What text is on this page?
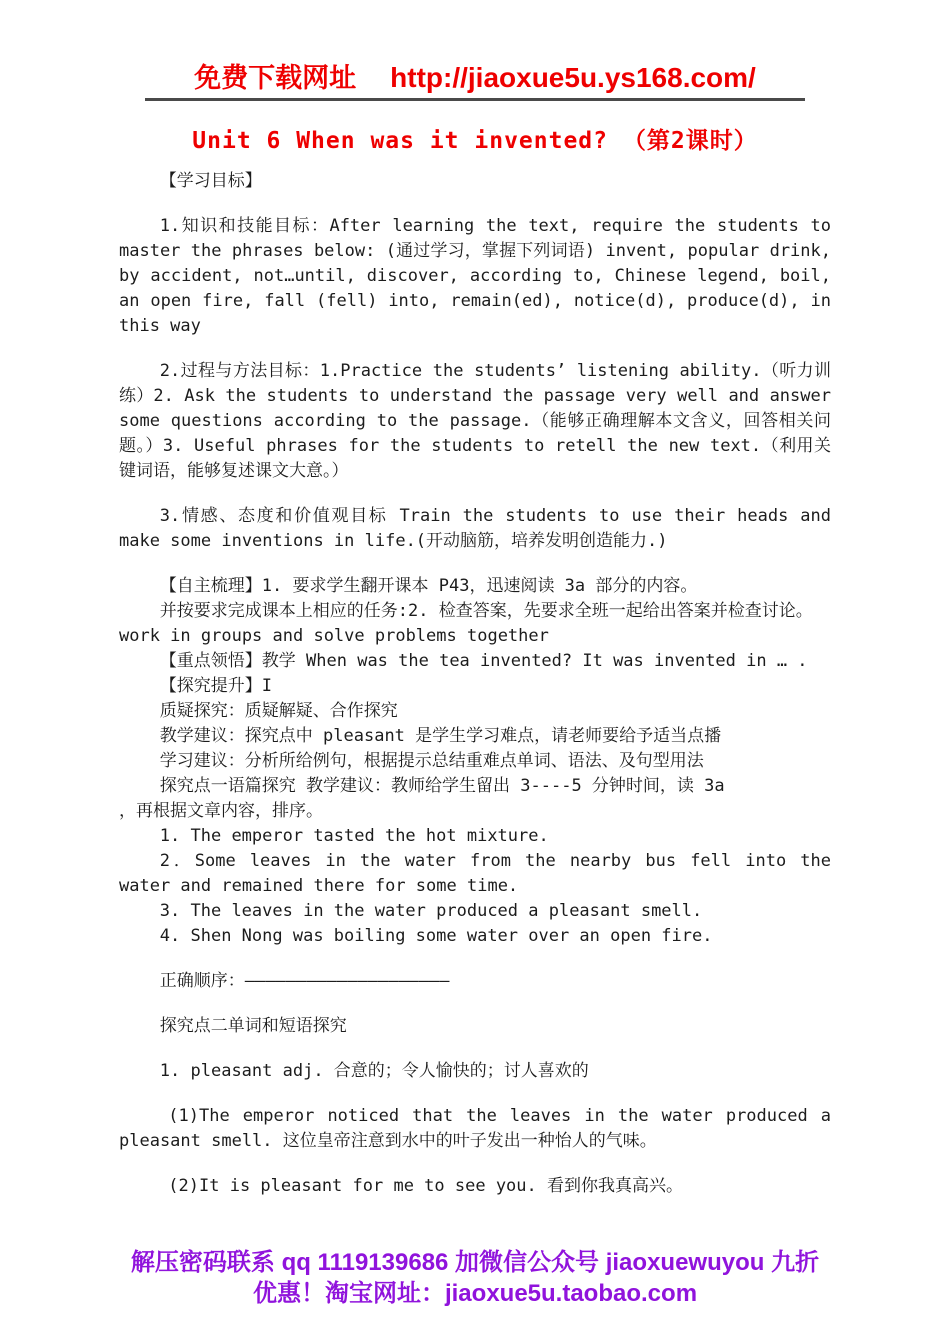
免费下载网址 http://jiaoxue5u.ys168.com/
Unit 6 When was it invented? （第2课时）
【学习目标】
1.知识和技能目标：After learning the text, require the students to master the phrases below: (通过学习，掌握下列词语) invent, popular drink, by accident, not…until, discover, according to, Chinese legend, boil, an open fire, fall (fell) into, remain(ed), notice(d), produce(d), in this way
2.过程与方法目标：1.Practice the students’ listening ability.（听力训练）2. Ask the students to understand the passage very well and answer some questions according to the passage.（能够正确理解本文含义，回答相关问题。）3. Useful phrases for the students to retell the new text.（利用关键词语，能够复述课文大意。）
3.情感、态度和价值观目标 Train the students to use their heads and make some inventions in life.(开动脑筋，培养发明创造能力.)
【自主梳理】1. 要求学生翻开课本 P43，迅速阅读 3a 部分的内容。
并按要求完成课本上相应的任务:2. 检查答案，先要求全班一起给出答案并检查讨论。
work in groups and solve problems together
【重点领悟】教学 When was the tea invented? It was invented in … .
【探究提升】I
质疑探究：质疑解疑、合作探究
教学建议：探究点中 pleasant 是学生学习难点，请老师要给予适当点播
学习建议：分析所给例句，根据提示总结重难点单词、语法、及句型用法
探究点一语篇探究 教学建议：教师给学生留出 3----5 分钟时间，读 3a
，再根据文章内容，排序。
1. The emperor tasted the hot mixture.
2．Some leaves in the water from the nearby bus fell into the water and remained there for some time.
3. The leaves in the water produced a pleasant smell.
4. Shen Nong was boiling some water over an open fire.
正确顺序：————————————————————
探究点二单词和短语探究
1. pleasant adj. 合意的；令人愉快的；讨人喜欢的
(1)The emperor noticed that the leaves in the water produced a pleasant smell. 这位皇帝注意到水中的叶子发出一种怡人的气味。
(2)It is pleasant for me to see you. 看到你我真高兴。
解压密码联系 qq 1119139686 加微信公众号 jiaoxuewuyou 九折
优惠！淘宝网址：jiaoxue5u.taobao.com
